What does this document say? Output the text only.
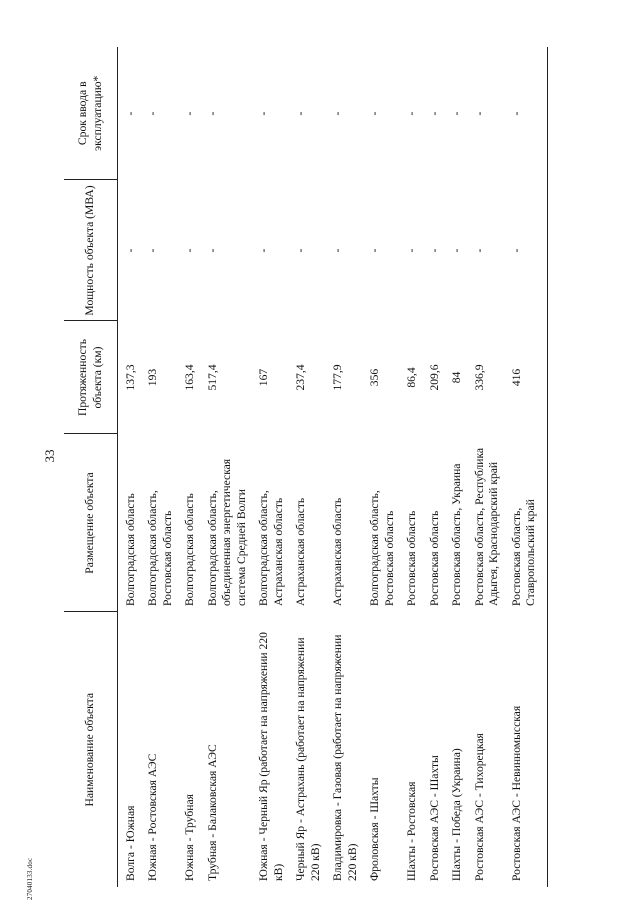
33
27040133.doc
Наименование объекта	Размещение объекта	Протяженность объекта (км)	Мощность объекта (МВА)	Срок ввода в эксплуатацию*
Волга - Южная	Волгоградская область	137,3	-	-
Южная - Ростовская АЭС	Волгоградская область, Ростовская область	193	-	-
Южная - Трубная	Волгоградская область	163,4	-	-
Трубная - Балаковская АЭС	Волгоградская область, объединенная энергетическая система Средней Волги	517,4	-	-
Южная - Черный Яр (работает на напряжении 220 кВ)	Волгоградская область, Астраханская область	167	-	-
Черный Яр - Астрахань (работает на напряжении 220 кВ)	Астраханская область	237,4	-	-
Владимировка - Газовая (работает на напряжении 220 кВ)	Астраханская область	177,9	-	-
Фроловская - Шахты	Волгоградская область, Ростовская область	356	-	-
Шахты - Ростовская	Ростовская область	86,4	-	-
Ростовская АЭС - Шахты	Ростовская область	209,6	-	-
Шахты - Победа (Украина)	Ростовская область, Украина	84	-	-
Ростовская АЭС - Тихорецкая	Ростовская область, Республика Адыгея, Краснодарский край	336,9	-	-
Ростовская АЭС - Невинномысская	Ростовская область, Ставропольский край	416	-	-
